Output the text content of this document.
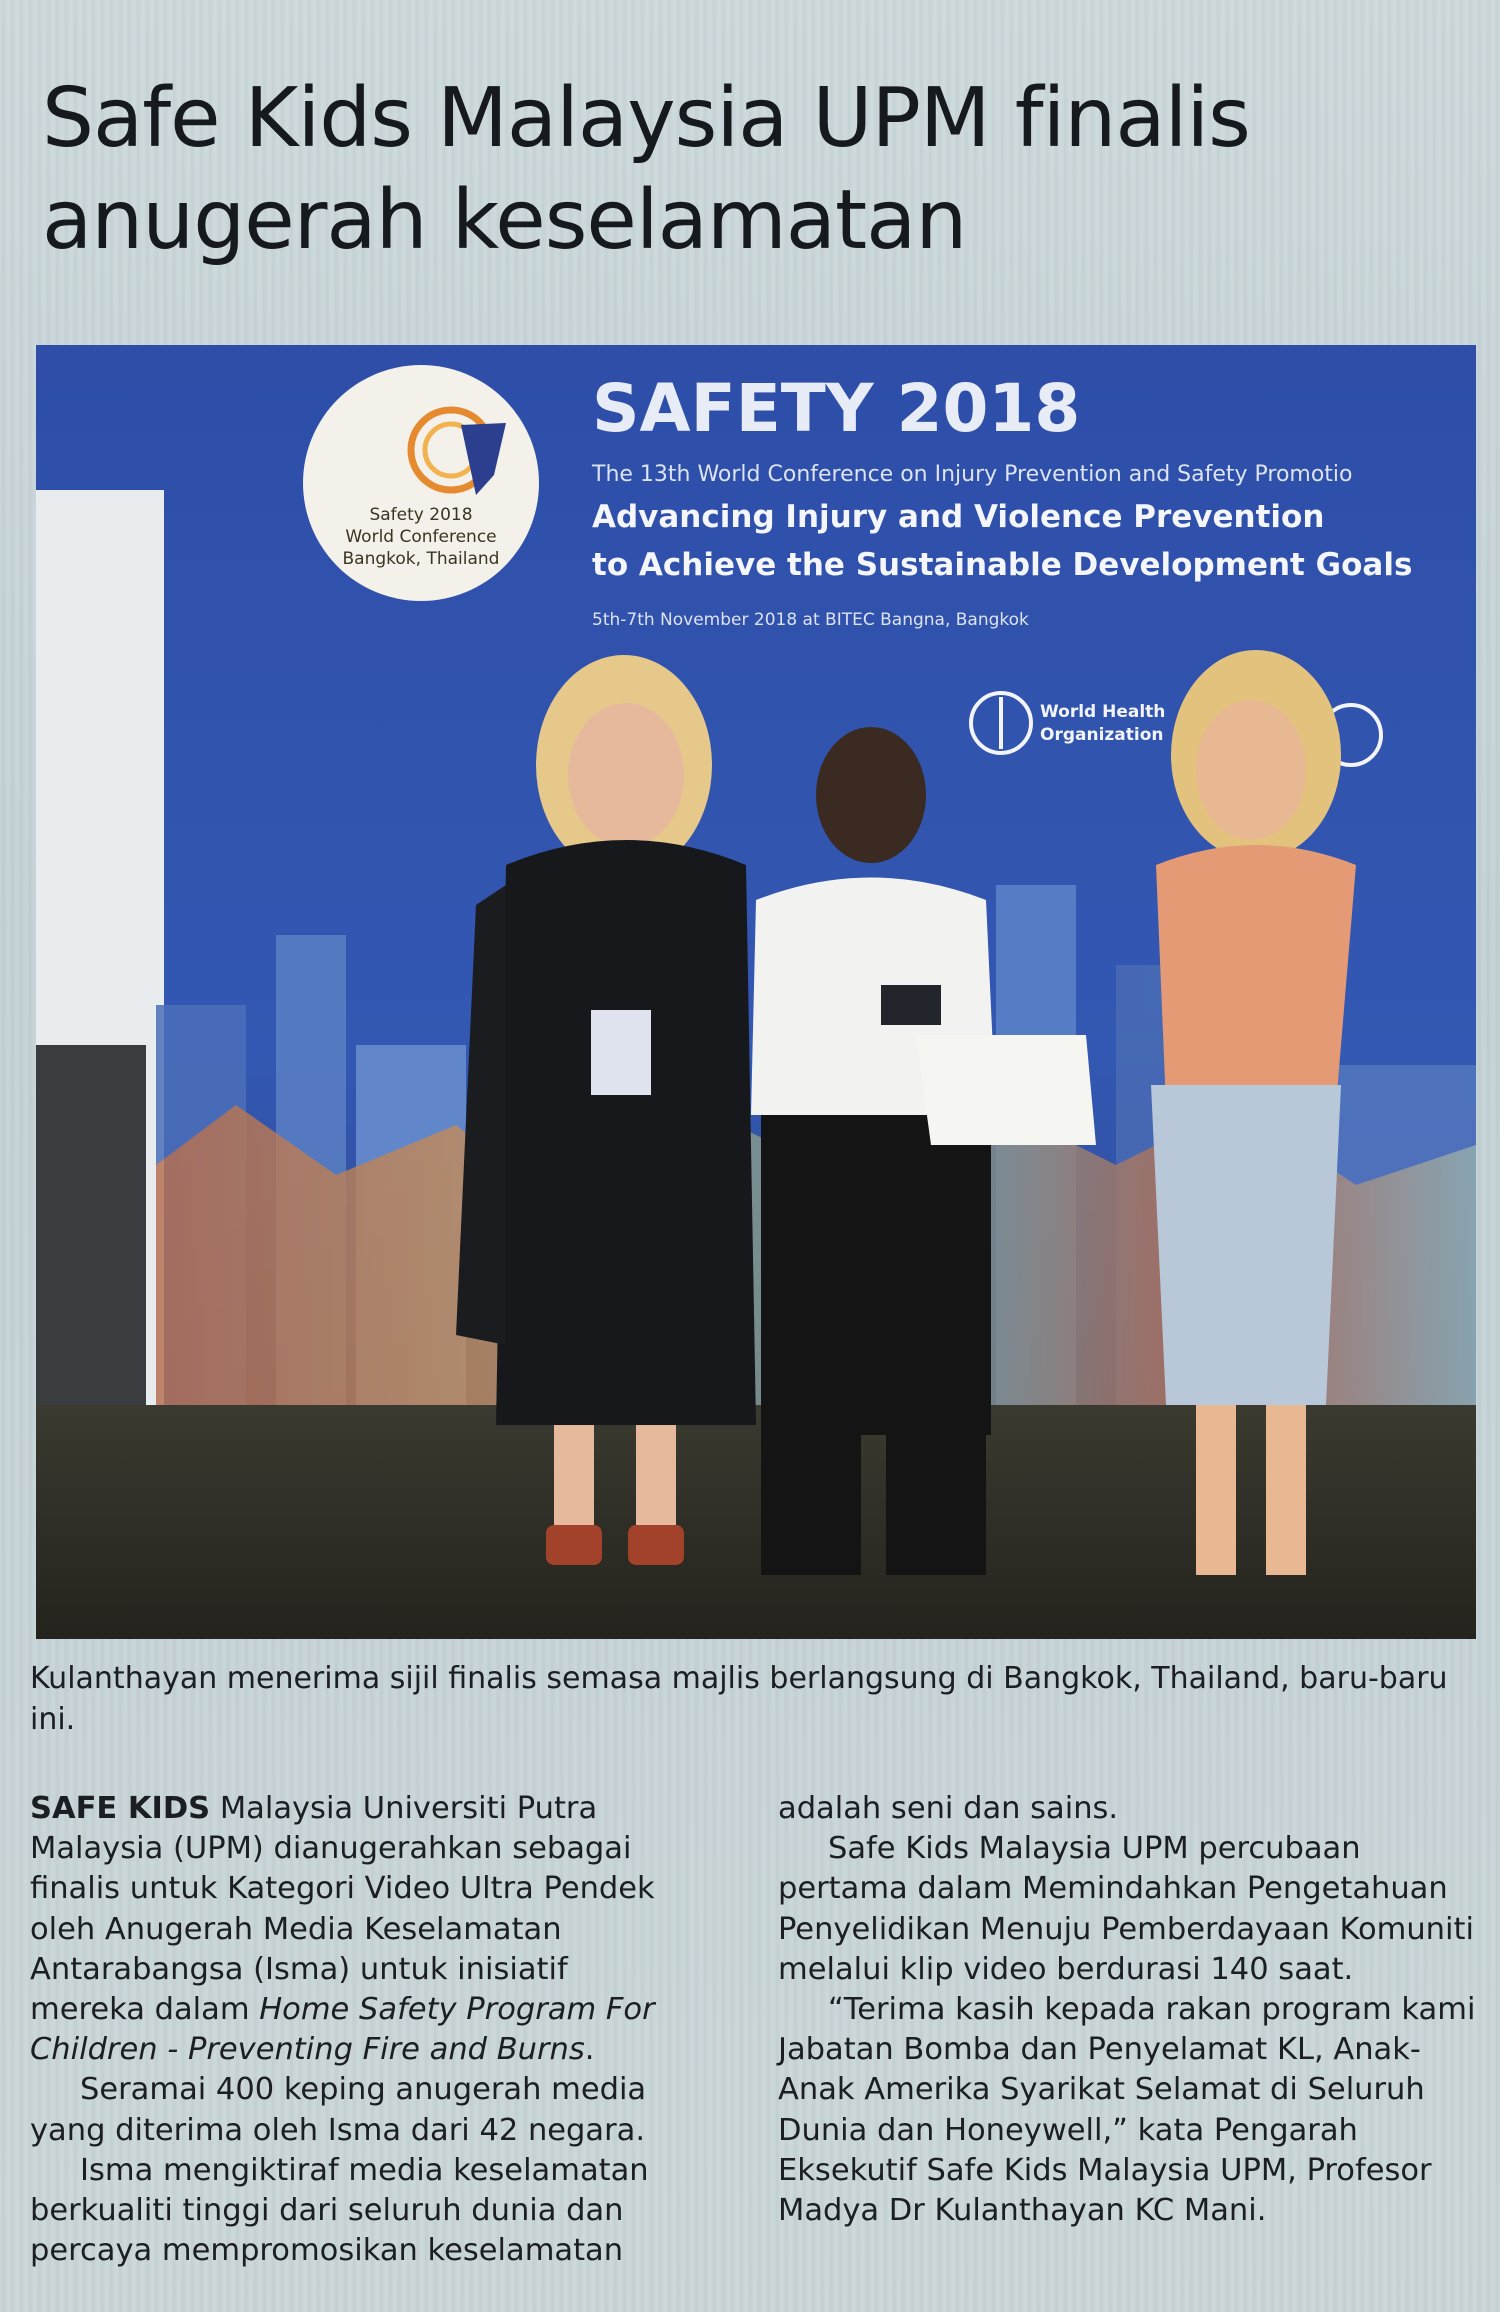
Safe Kids Malaysia UPM finalis
anugerah keselamatan
Safety 2018
World Conference
Bangkok, Thailand
SAFETY 2018
The 13th World Conference on Injury Prevention and Safety Promotio
Advancing Injury and Violence Prevention
to Achieve the Sustainable Development Goals
5th-7th November 2018 at BITEC Bangna, Bangkok
World Health
Organization
Kulanthayan menerima sijil finalis semasa majlis berlangsung di Bangkok, Thailand, baru-baru ini.

SAFE KIDS Malaysia Universiti Putra Malaysia (UPM) dianugerahkan sebagai finalis untuk Kategori Video Ultra Pendek oleh Anugerah Media Keselamatan Antarabangsa (Isma) untuk inisiatif mereka dalam Home Safety Program For Children - Preventing Fire and Burns.

Seramai 400 keping anugerah media yang diterima oleh Isma dari 42 negara.

Isma mengiktiraf media keselamatan berkualiti tinggi dari seluruh dunia dan percaya mempromosikan keselamatan

adalah seni dan sains.

Safe Kids Malaysia UPM percubaan pertama dalam Memindahkan Pengetahuan Penyelidikan Menuju Pemberdayaan Komuniti melalui klip video berdurasi 140 saat.

“Terima kasih kepada rakan program kami Jabatan Bomba dan Penyelamat KL, Anak-Anak Amerika Syarikat Selamat di Seluruh Dunia dan Honeywell,” kata Pengarah Eksekutif Safe Kids Malaysia UPM, Profesor Madya Dr Kulanthayan KC Mani.
